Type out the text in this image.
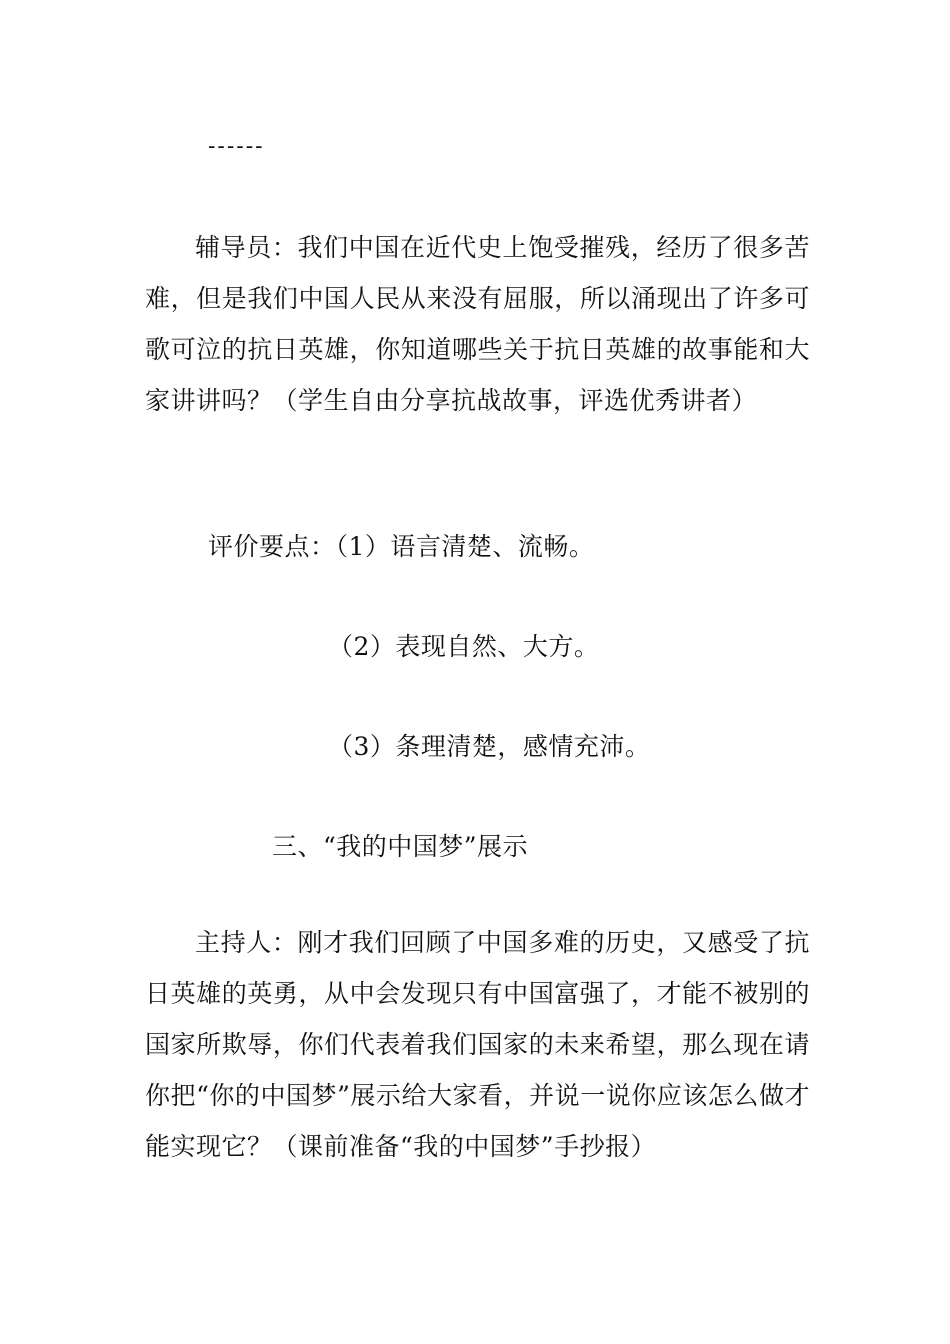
------
辅导员：我们中国在近代史上饱受摧残，经历了很多苦难，但是我们中国人民从来没有屈服，所以涌现出了许多可歌可泣的抗日英雄，你知道哪些关于抗日英雄的故事能和大家讲讲吗？（学生自由分享抗战故事，评选优秀讲者）
评价要点：（1）语言清楚、流畅。
（2）表现自然、大方。
（3）条理清楚，感情充沛。
三、“我的中国梦”展示
主持人：刚才我们回顾了中国多难的历史，又感受了抗日英雄的英勇，从中会发现只有中国富强了，才能不被别的国家所欺辱，你们代表着我们国家的未来希望，那么现在请你把“你的中国梦”展示给大家看，并说一说你应该怎么做才能实现它？（课前准备“我的中国梦”手抄报）
